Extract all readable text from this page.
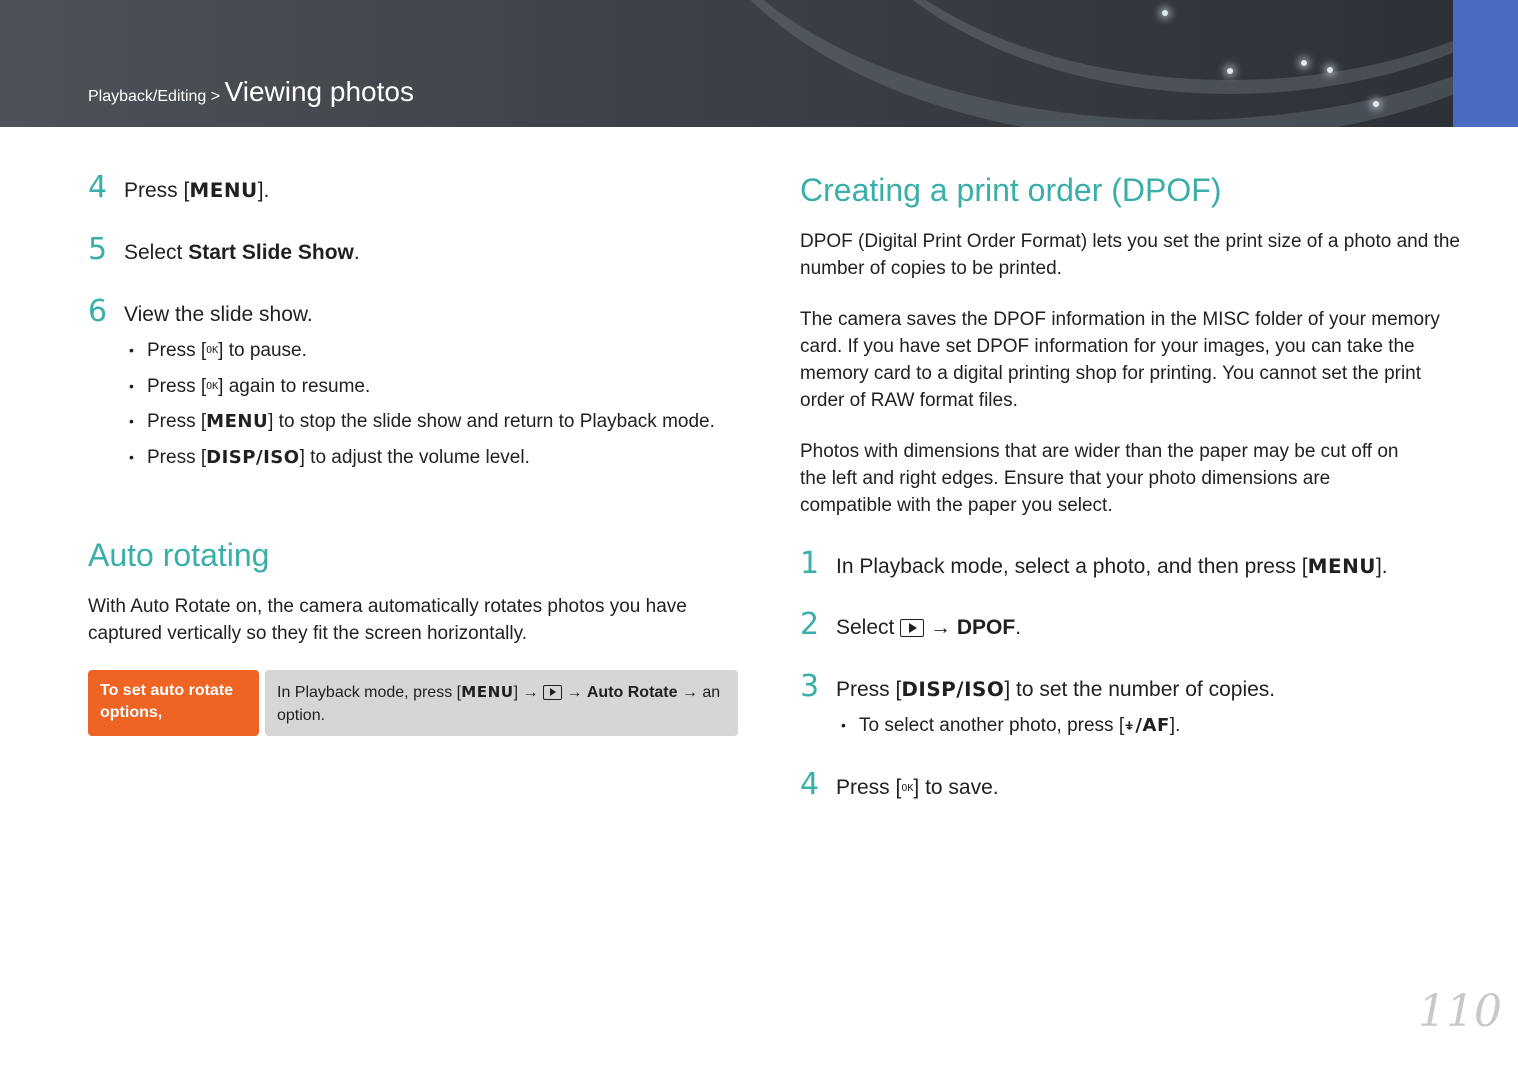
Playback/Editing > Viewing photos
4 Press [MENU].
5 Select Start Slide Show.
6 View the slide show.
• Press [OK] to pause.
• Press [OK] again to resume.
• Press [MENU] to stop the slide show and return to Playback mode.
• Press [DISP/ISO] to adjust the volume level.
Auto rotating
With Auto Rotate on, the camera automatically rotates photos you have captured vertically so they fit the screen horizontally.
To set auto rotate options,
In Playback mode, press [MENU] →  → Auto Rotate → an option.
Creating a print order (DPOF)
DPOF (Digital Print Order Format) lets you set the print size of a photo and the number of copies to be printed.
The camera saves the DPOF information in the MISC folder of your memory card. If you have set DPOF information for your images, you can take the memory card to a digital printing shop for printing. You cannot set the print order of RAW format files.
Photos with dimensions that are wider than the paper may be cut off on the left and right edges. Ensure that your photo dimensions are compatible with the paper you select.
1 In Playback mode, select a photo, and then press [MENU].
2 Select  → DPOF.
3 Press [DISP/ISO] to set the number of copies.
• To select another photo, press [⍖/AF].
4 Press [OK] to save.
110
